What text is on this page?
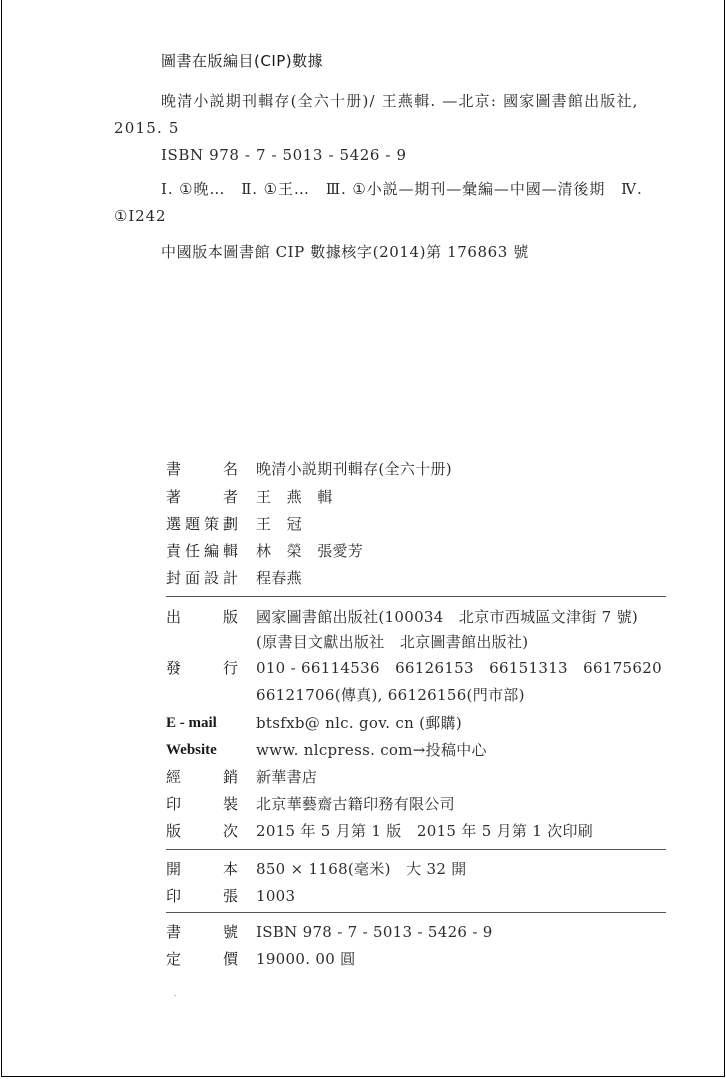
圖書在版編目(CIP)數據

晚清小説期刊輯存(全六十册)/ 王燕輯. —北京: 國家圖書館出版社, 2015. 5

ISBN 978 - 7 - 5013 - 5426 - 9

Ⅰ. ①晚…　Ⅱ. ①王…　Ⅲ. ①小説—期刊—彙編—中國—清後期　Ⅳ. ①I242

中國版本圖書館 CIP 數據核字(2014)第 176863 號

書	名 晚清小説期刊輯存(全六十册)
著	者 王　燕　輯
選 題 策 劃 王　冠
責 任 編 輯 林　榮　張愛芳
封 面 設 計 程春燕
出	版 國家圖書館出版社(100034　北京市西城區文津街 7 號)
(原書目文獻出版社　北京圖書館出版社)
發	行 010 - 66114536　66126153　66151313　66175620
66121706(傳真), 66126156(門市部)
E - mail	btsfxb@ nlc. gov. cn (郵購)
Website	www. nlcpress. com→投稿中心
經	銷 新華書店
印	裝 北京華藝齋古籍印務有限公司
版	次 2015 年 5 月第 1 版　2015 年 5 月第 1 次印刷
開	本 850 × 1168(毫米)　大 32 開
印	張 1003
書	號 ISBN 978 - 7 - 5013 - 5426 - 9
定	價 19000. 00 圓
